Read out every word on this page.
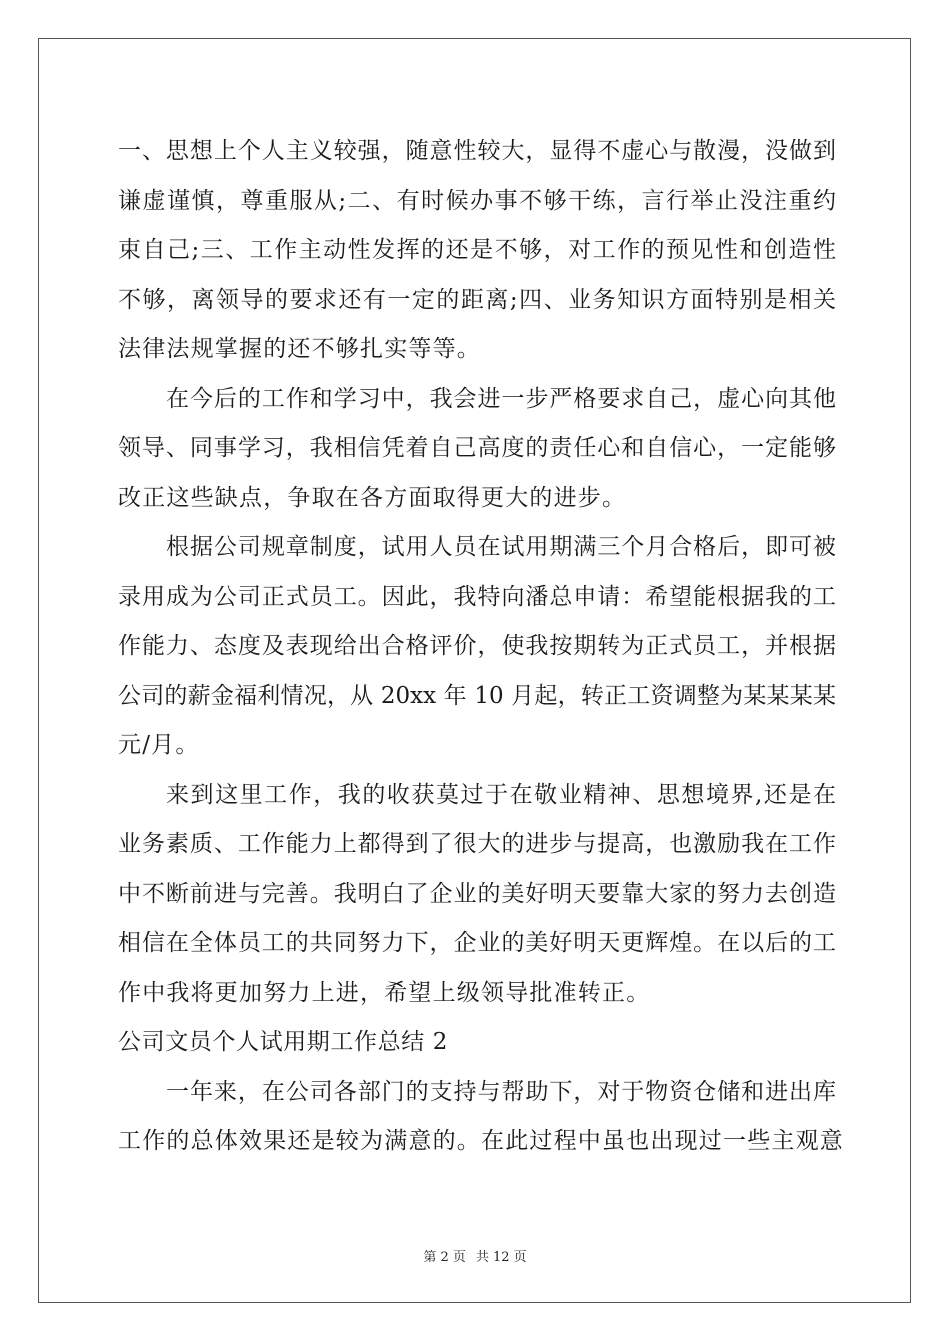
一、思想上个人主义较强，随意性较大，显得不虚心与散漫，没做到
谦虚谨慎，尊重服从;二、有时候办事不够干练，言行举止没注重约
束自己;三、工作主动性发挥的还是不够，对工作的预见性和创造性
不够，离领导的要求还有一定的距离;四、业务知识方面特别是相关
法律法规掌握的还不够扎实等等。
在今后的工作和学习中，我会进一步严格要求自己，虚心向其他
领导、同事学习，我相信凭着自己高度的责任心和自信心，一定能够
改正这些缺点，争取在各方面取得更大的进步。
根据公司规章制度，试用人员在试用期满三个月合格后，即可被
录用成为公司正式员工。因此，我特向潘总申请：希望能根据我的工
作能力、态度及表现给出合格评价，使我按期转为正式员工，并根据
公司的薪金福利情况，从 20xx 年 10 月起，转正工资调整为某某某某
元/月。
来到这里工作，我的收获莫过于在敬业精神、思想境界,还是在
业务素质、工作能力上都得到了很大的进步与提高，也激励我在工作
中不断前进与完善。我明白了企业的美好明天要靠大家的努力去创造
相信在全体员工的共同努力下，企业的美好明天更辉煌。在以后的工
作中我将更加努力上进，希望上级领导批准转正。
公司文员个人试用期工作总结 2
一年来，在公司各部门的支持与帮助下，对于物资仓储和进出库
工作的总体效果还是较为满意的。在此过程中虽也出现过一些主观意
第 2 页 共 12 页
